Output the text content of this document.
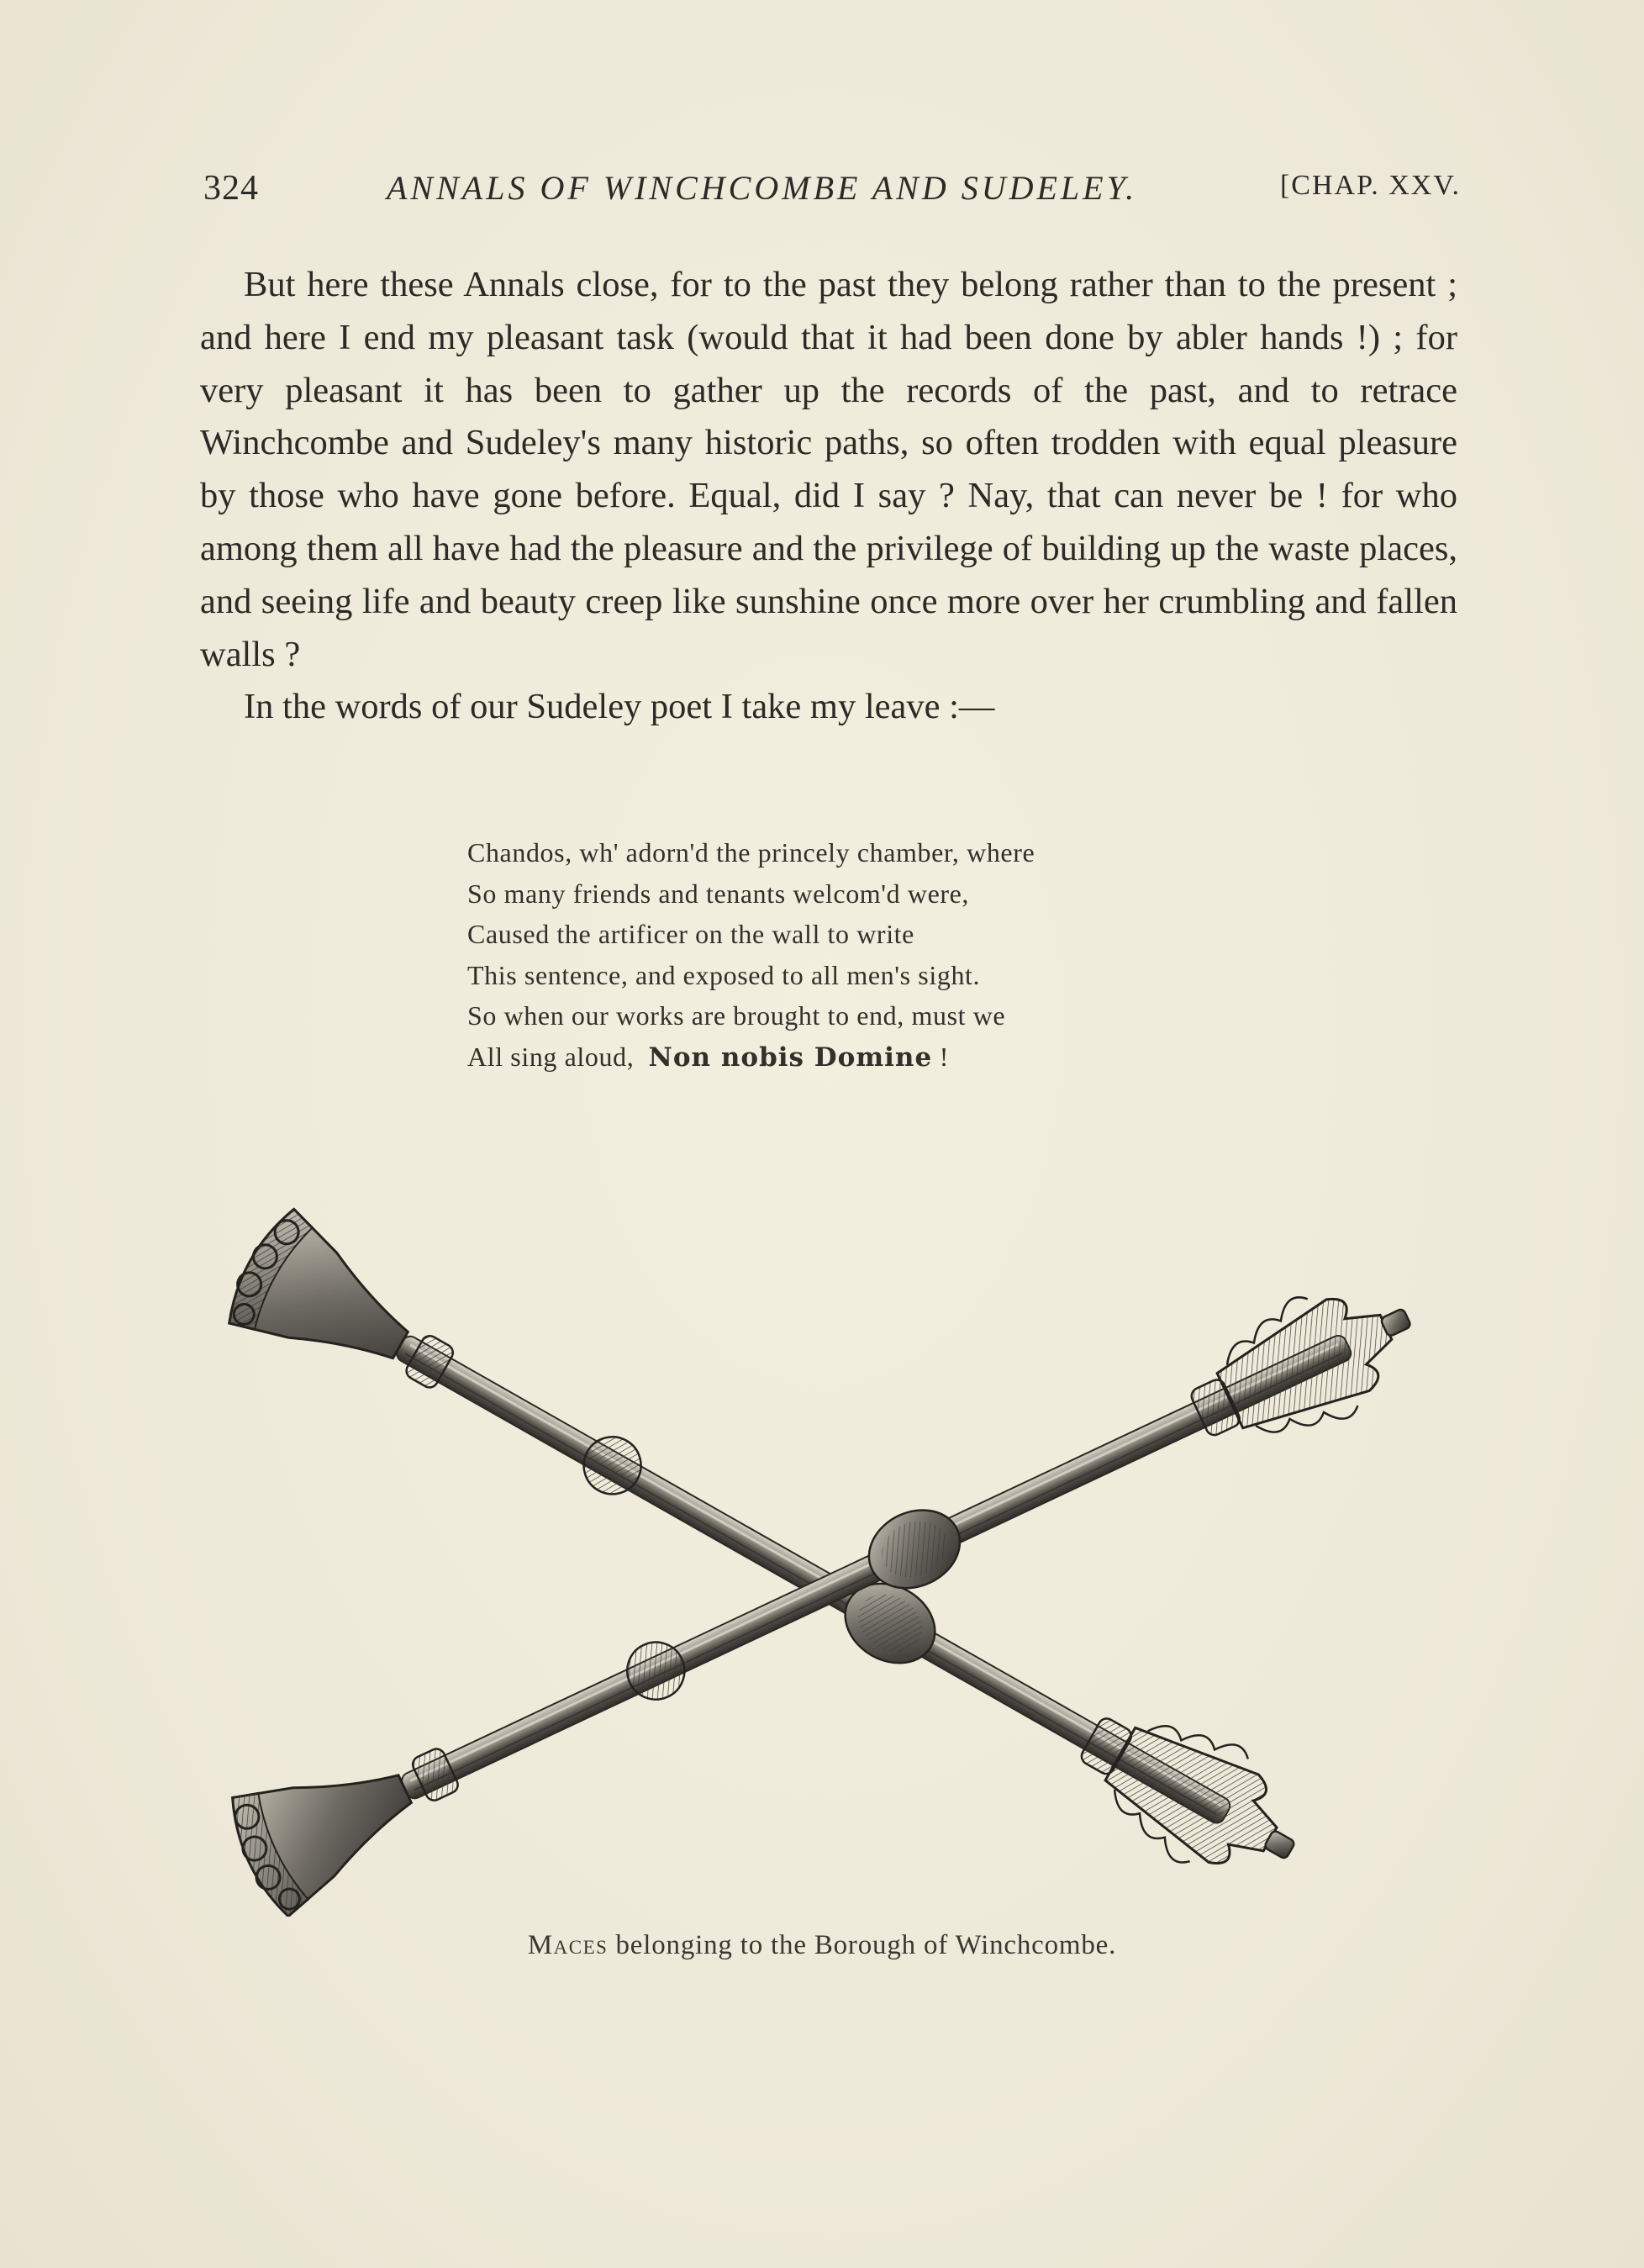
324	ANNALS OF WINCHCOMBE AND SUDELEY.	[CHAP. XXV.

But here these Annals close, for to the past they belong rather than to the present ; and here I end my pleasant task (would that it had been done by abler hands !) ; for very pleasant it has been to gather up the records of the past, and to retrace Winchcombe and Sudeley's many historic paths, so often trodden with equal pleasure by those who have gone before. Equal, did I say ? Nay, that can never be ! for who among them all have had the pleasure and the privilege of building up the waste places, and seeing life and beauty creep like sunshine once more over her crumbling and fallen walls ?

In the words of our Sudeley poet I take my leave :—

Chandos, wh' adorn'd the princely chamber, where
So many friends and tenants welcom'd were,
Caused the artificer on the wall to write
This sentence, and exposed to all men's sight.
So when our works are brought to end, must we
All sing aloud, Non nobis Domine !
Maces belonging to the Borough of Winchcombe.
